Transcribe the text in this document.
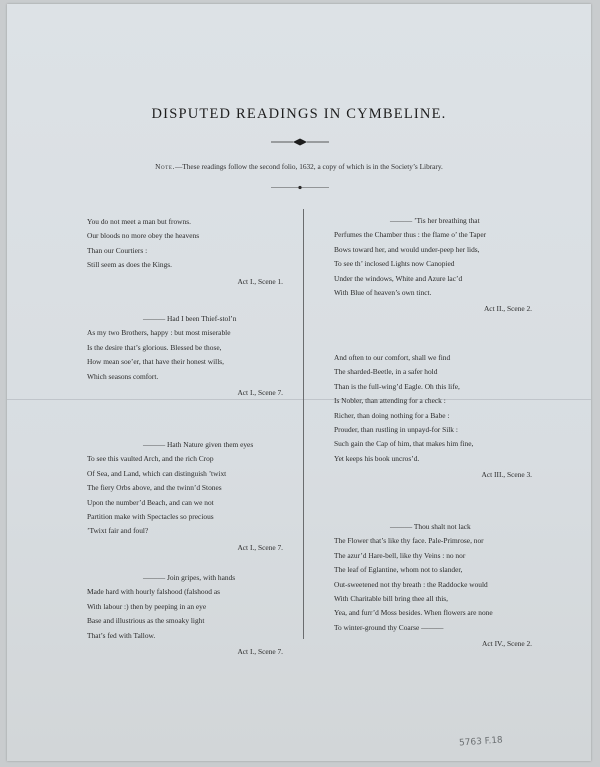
DISPUTED READINGS IN CYMBELINE.
Note.—These readings follow the second folio, 1632, a copy of which is in the Society’s Library.
You do not meet a man but frowns.
Our bloods no more obey the heavens
Than our Courtiers :
Still seem as does the Kings.
Act I., Scene 1.
——— Had I been Thief-stol’n
As my two Brothers, happy : but most miserable
Is the desire that’s glorious. Blessed be those,
How mean soe’er, that have their honest wills,
Which seasons comfort.
Act I., Scene 7.
——— Hath Nature given them eyes
To see this vaulted Arch, and the rich Crop
Of Sea, and Land, which can distinguish ’twixt
The fiery Orbs above, and the twinn’d Stones
Upon the number’d Beach, and can we not
Partition make with Spectacles so precious
’Twixt fair and foul?
Act I., Scene 7.
——— Join gripes, with hands
Made hard with hourly falshood (falshood as
With labour :) then by peeping in an eye
Base and illustrious as the smoaky light
That’s fed with Tallow.
Act I., Scene 7.
——— ’Tis her breathing that
Perfumes the Chamber thus : the flame o’ the Taper
Bows toward her, and would under-peep her lids,
To see th’ inclosed Lights now Canopied
Under the windows, White and Azure lac’d
With Blue of heaven’s own tinct.
Act II., Scene 2.
And often to our comfort, shall we find
The sharded-Beetle, in a safer hold
Than is the full-wing’d Eagle. Oh this life,
Is Nobler, than attending for a check :
Richer, than doing nothing for a Babe :
Prouder, than rustling in unpayd-for Silk :
Such gain the Cap of him, that makes him fine,
Yet keeps his book uncros’d.
Act III., Scene 3.
——— Thou shalt not lack
The Flower that’s like thy face. Pale-Primrose, nor
The azur’d Hare-bell, like thy Veins : no nor
The leaf of Eglantine, whom not to slander,
Out-sweetened not thy breath : the Raddocke would
With Charitable bill bring thee all this,
Yea, and furr’d Moss besides. When flowers are none
To winter-ground thy Coarse ———
Act IV., Scene 2.
5763 F.18
